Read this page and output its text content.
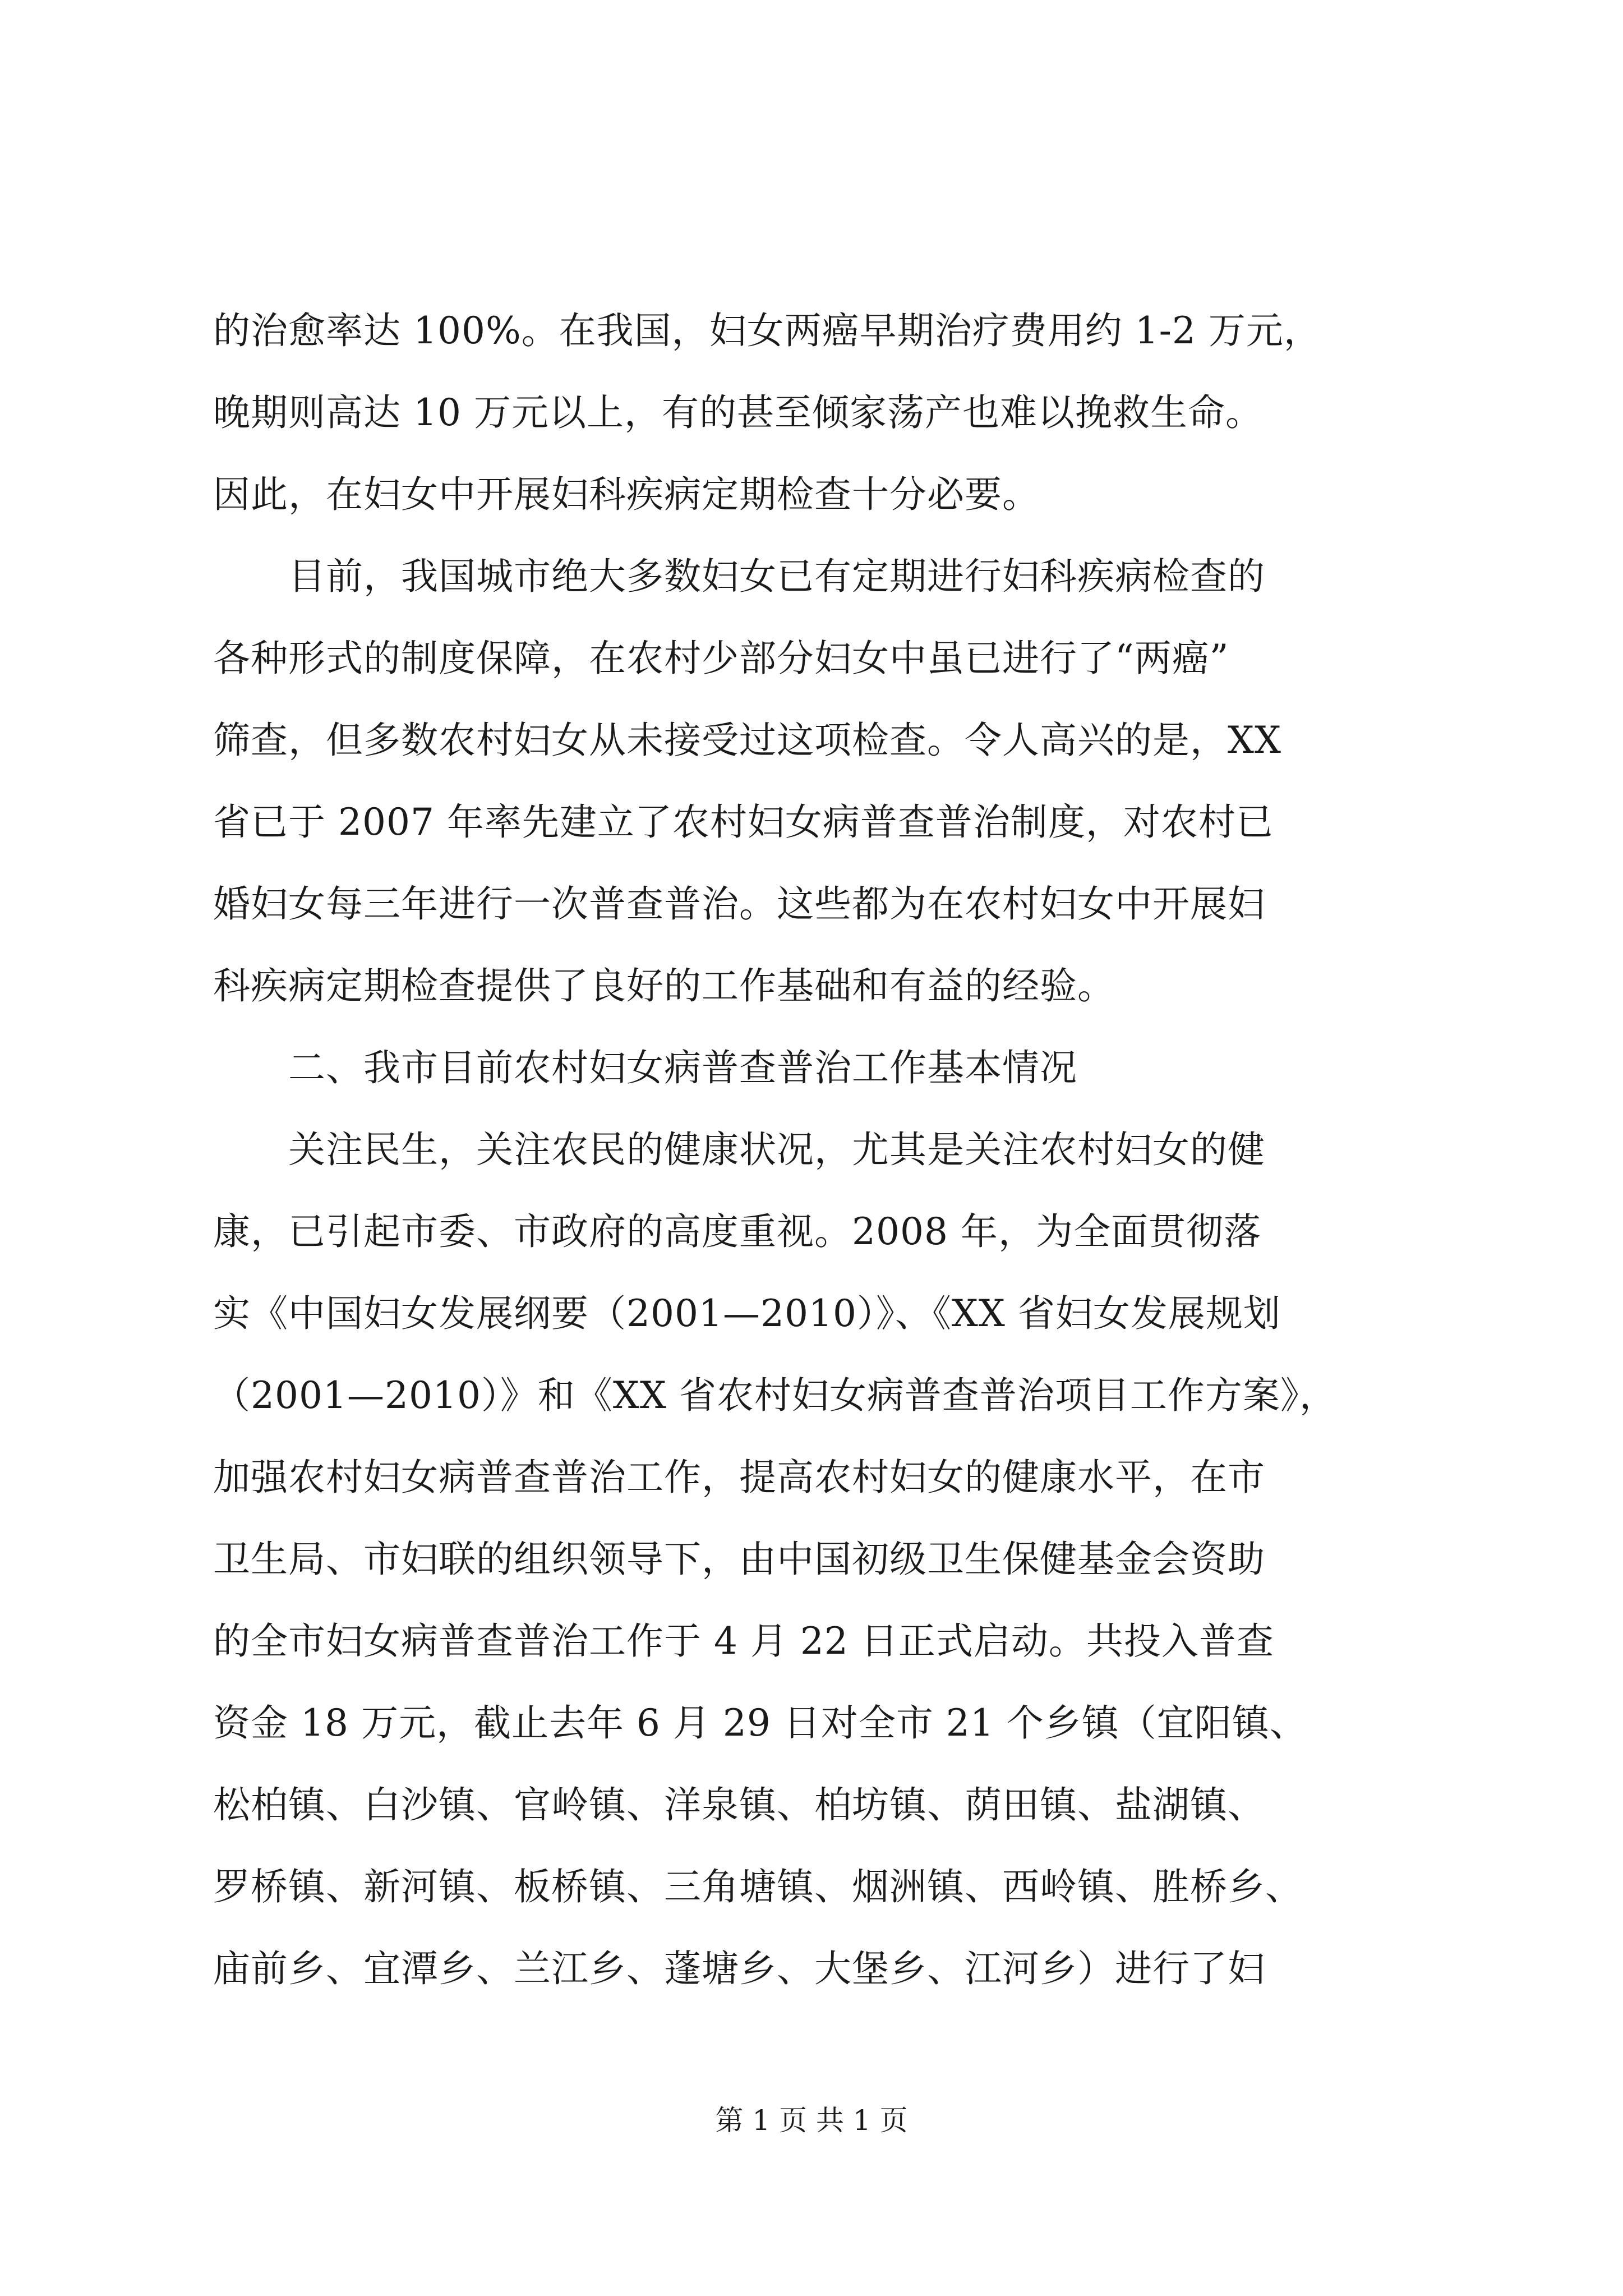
的治愈率达 100%。在我国，妇女两癌早期治疗费用约 1-2 万元，
晚期则高达 10 万元以上，有的甚至倾家荡产也难以挽救生命。
因此，在妇女中开展妇科疾病定期检查十分必要。
　　目前，我国城市绝大多数妇女已有定期进行妇科疾病检查的
各种形式的制度保障，在农村少部分妇女中虽已进行了“两癌”
筛查，但多数农村妇女从未接受过这项检查。令人高兴的是，XX
省已于 2007 年率先建立了农村妇女病普查普治制度，对农村已
婚妇女每三年进行一次普查普治。这些都为在农村妇女中开展妇
科疾病定期检查提供了良好的工作基础和有益的经验。
　　二、我市目前农村妇女病普查普治工作基本情况
　　关注民生，关注农民的健康状况，尤其是关注农村妇女的健
康，已引起市委、市政府的高度重视。2008 年，为全面贯彻落
实《中国妇女发展纲要（2001—2010）》、《XX 省妇女发展规划
（2001—2010）》和《XX 省农村妇女病普查普治项目工作方案》，
加强农村妇女病普查普治工作，提高农村妇女的健康水平，在市
卫生局、市妇联的组织领导下，由中国初级卫生保健基金会资助
的全市妇女病普查普治工作于 4 月 22 日正式启动。共投入普查
资金 18 万元，截止去年 6 月 29 日对全市 21 个乡镇（宜阳镇、
松柏镇、白沙镇、官岭镇、洋泉镇、柏坊镇、荫田镇、盐湖镇、
罗桥镇、新河镇、板桥镇、三角塘镇、烟洲镇、西岭镇、胜桥乡、
庙前乡、宜潭乡、兰江乡、蓬塘乡、大堡乡、江河乡）进行了妇
第 1 页 共 1 页
